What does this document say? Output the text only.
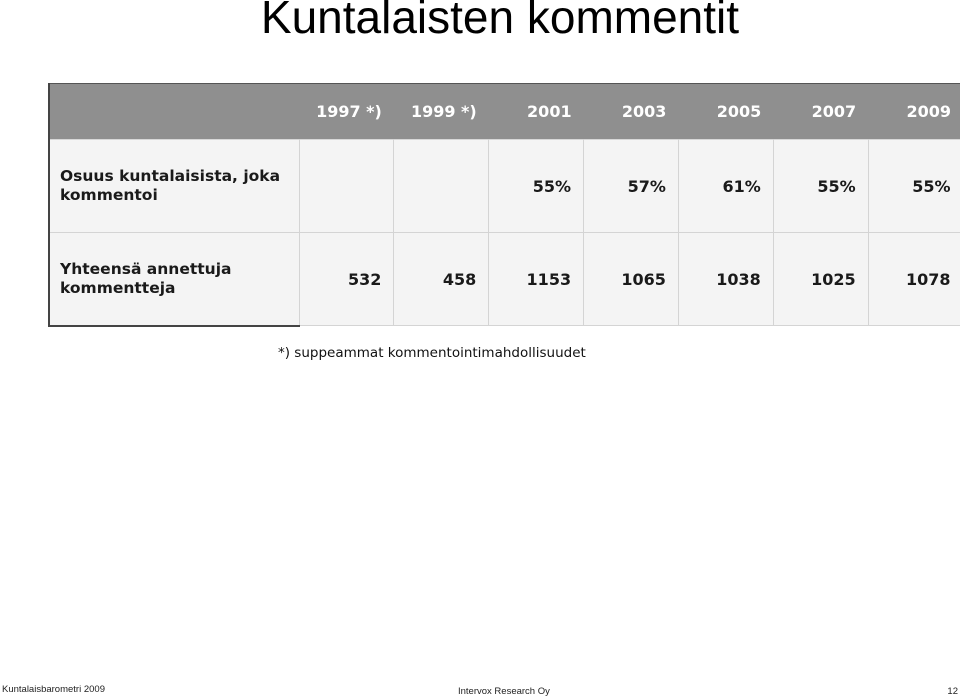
Kuntalaisten kommentit
	1997 *)	1999 *)	2001	2003	2005	2007	2009
Osuus kuntalaisista, joka kommentoi			55%	57%	61%	55%	55%
Yhteensä annettuja kommentteja	532	458	1153	1065	1038	1025	1078
*) suppeammat kommentointimahdollisuudet
Kuntalaisbarometri 2009	Intervox Research Oy	12
